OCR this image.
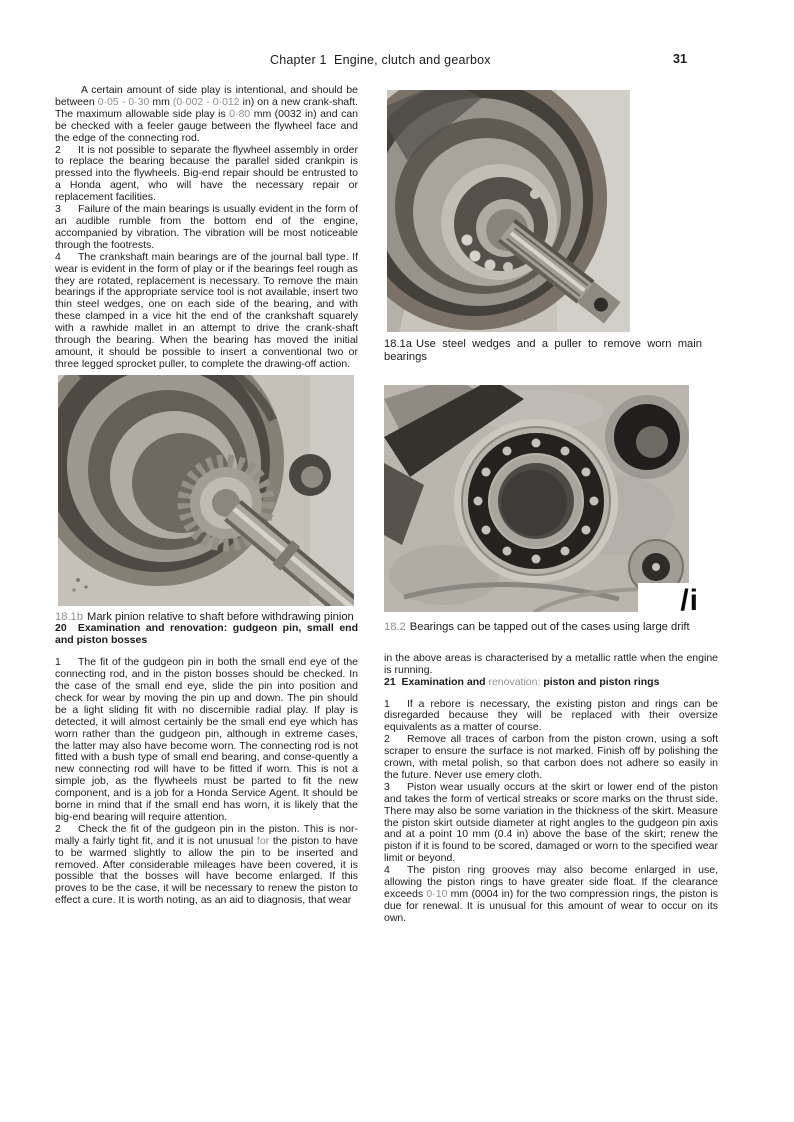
Chapter 1  Engine, clutch and gearbox	31

A certain amount of side play is intentional, and should be between 0·05 - 0·30 mm (0·002 - 0·012 in) on a new crank-shaft. The maximum allowable side play is 0·80 mm (0032 in) and can be checked with a feeler gauge between the flywheel face and the edge of the connecting rod.

2 It is not possible to separate the flywheel assembly in order to replace the bearing because the parallel sided crankpin is pressed into the flywheels. Big-end repair should be entrusted to a Honda agent, who will have the necessary repair or replacement facilities.

3 Failure of the main bearings is usually evident in the form of an audible rumble from the bottom end of the engine, accompanied by vibration. The vibration will be most noticeable through the footrests.

4 The crankshaft main bearings are of the journal ball type. If wear is evident in the form of play or if the bearings feel rough as they are rotated, replacement is necessary. To remove the main bearings if the appropriate service tool is not available, insert two thin steel wedges, one on each side of the bearing, and with these clamped in a vice hit the end of the crankshaft squarely with a rawhide mallet in an attempt to drive the crank-shaft through the bearing. When the bearing has moved the initial amount, it should be possible to insert a conventional two or three legged sprocket puller, to complete the drawing-off action.

18.1b Mark pinion relative to shaft before withdrawing pinion

20  Examination and renovation: gudgeon pin, small end and piston bosses

1 The fit of the gudgeon pin in both the small end eye of the connecting rod, and in the piston bosses should be checked. In the case of the small end eye, slide the pin into position and check for wear by moving the pin up and down. The pin should be a light sliding fit with no discernible radial play. If play is detected, it will almost certainly be the small end eye which has worn rather than the gudgeon pin, although in extreme cases, the latter may also have become worn. The connecting rod is not fitted with a bush type of small end bearing, and conse-quently a new connecting rod will have to be fitted if worn. This is not a simple job, as the flywheels must be parted to fit the new component, and is a job for a Honda Service Agent. It should be borne in mind that if the small end has worn, it is likely that the big-end bearing will require attention.

2 Check the fit of the gudgeon pin in the piston. This is nor-mally a fairly tight fit, and it is not unusual for the piston to have to be warmed slightly to allow the pin to be inserted and removed. After considerable mileages have been covered, it is possible that the bosses will have become enlarged. If this proves to be the case, it will be necessary to renew the piston to effect a cure. It is worth noting, as an aid to diagnosis, that wear

18.1a Use steel wedges and a puller to remove worn main bearings

/i

18.2 Bearings can be tapped out of the cases using large drift

in the above areas is characterised by a metallic rattle when the engine is running.

21  Examination and renovation: piston and piston rings

1 If a rebore is necessary, the existing piston and rings can be disregarded because they will be replaced with their oversize equivalents as a matter of course.

2 Remove all traces of carbon from the piston crown, using a soft scraper to ensure the surface is not marked. Finish off by polishing the crown, with metal polish, so that carbon does not adhere so easily in the future. Never use emery cloth.

3 Piston wear usually occurs at the skirt or lower end of the piston and takes the form of vertical streaks or score marks on the thrust side. There may also be some variation in the thickness of the skirt. Measure the piston skirt outside diameter at right angles to the gudgeon pin axis and at a point 10 mm (0.4 in) above the base of the skirt; renew the piston if it is found to be scored, damaged or worn to the specified wear limit or beyond.

4 The piston ring grooves may also become enlarged in use, allowing the piston rings to have greater side float. If the clearance exceeds 0·10 mm (0004 in) for the two compression rings, the piston is due for renewal. It is unusual for this amount of wear to occur on its own.
